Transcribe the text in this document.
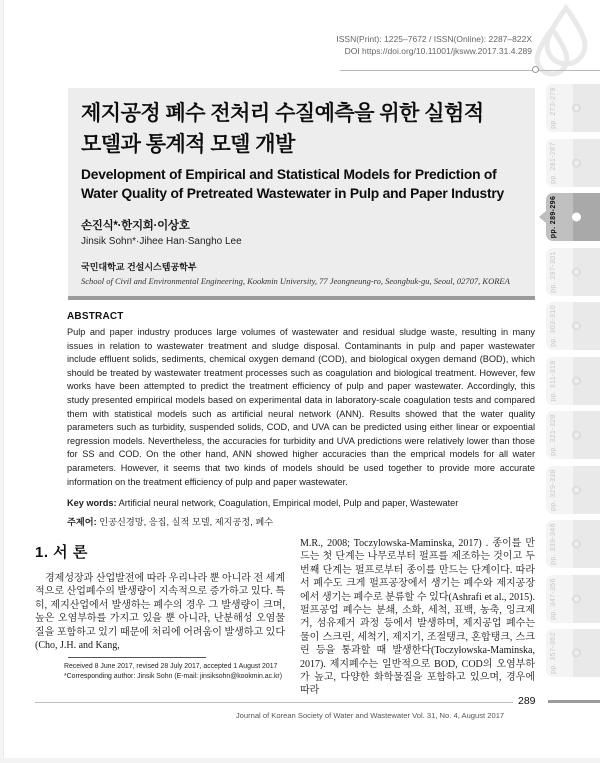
ISSN(Print): 1225–7672 / ISSN(Online): 2287–822X
DOI https://doi.org/10.11001/jksww.2017.31.4.289
제지공정 폐수 전처리 수질예측을 위한 실험적
모델과 통계적 모델 개발
Development of Empirical and Statistical Models for Prediction of
Water Quality of Pretreated Wastewater in Pulp and Paper Industry
손진식*·한지희·이상호
Jinsik Sohn*·Jihee Han·Sangho Lee
국민대학교 건설시스템공학부
School of Civil and Environmental Engineering, Kookmin University, 77 Jeongneung-ro, Seongbuk-gu, Seoul, 02707, KOREA
ABSTRACT
Pulp and paper industry produces large volumes of wastewater and residual sludge waste, resulting in many issues in relation to wastewater treatment and sludge disposal. Contaminants in pulp and paper wastewater include effluent solids, sediments, chemical oxygen demand (COD), and biological oxygen demand (BOD), which should be treated by wastewater treatment processes such as coagulation and biological treatment. However, few works have been attempted to predict the treatment efficiency of pulp and paper wastewater. Accordingly, this study presented empirical models based on experimental data in laboratory-scale coagulation tests and compared them with statistical models such as artificial neural network (ANN). Results showed that the water quality parameters such as turbidity, suspended solids, COD, and UVA can be predicted using either linear or expoential regression models. Nevertheless, the accuracies for turbidity and UVA predictions were relatively lower than those for SS and COD. On the other hand, ANN showed higher accuracies than the emprical models for all water parameters. However, it seems that two kinds of models should be used together to provide more accurate information on the treatment efficiency of pulp and paper wastewater.
Key words: Artificial neural network, Coagulation, Empirical model, Pulp and paper, Wastewater
주제어: 인공신경망, 응집, 실적 모델, 제지공정, 폐수
1. 서 론
경제성장과 산업발전에 따라 우리나라 뿐 아니라 전 세계적으로 산업폐수의 발생량이 지속적으로 증가하고 있다. 특히, 제지산업에서 발생하는 폐수의 경우 그 발생량이 크며, 높은 오염부하를 가지고 있을 뿐 아니라, 난분해성 오염물질을 포함하고 있기 때문에 처리에 어려움이 발생하고 있다(Cho, J.H. and Kang,
M.R., 2008; Toczylowska-Maminska, 2017) . 종이를 만드는 첫 단계는 나무로부터 펄프를 제조하는 것이고 두 번째 단계는 펄프로부터 종이를 만드는 단계이다. 따라서 폐수도 크게 펄프공장에서 생기는 폐수와 제지공장에서 생기는 폐수로 분류할 수 있다(Ashrafi et al., 2015). 펄프공업 폐수는 분쇄, 소화, 세척, 표백, 농축, 잉크제거, 섬유제거 과정 등에서 발생하며, 제지공업 폐수는 물이 스크린, 세척기, 제지기, 조절탱크, 혼합탱크, 스크린 등을 통과할 때 발생한다(Toczyłowska-Maminska, 2017). 제지폐수는 일반적으로 BOD, COD의 오염부하가 높고, 다양한 화학물질을 포함하고 있으며, 경우에 따라
Received 8 June 2017, revised 28 July 2017, accepted 1 August 2017
*Corresponding author: Jinsik Sohn (E-mail: jinsiksohn@kookmin.ac.kr)
289
Journal of Korean Society of Water and Wastewater Vol. 31, No. 4, August 2017
pp. 273-279
pp. 281-287
pp. 289-296
pp. 297-301
pp. 303-310
pp. 311-319
pp. 321-328
pp. 329-338
pp. 339-346
pp. 347-356
pp. 357-362
